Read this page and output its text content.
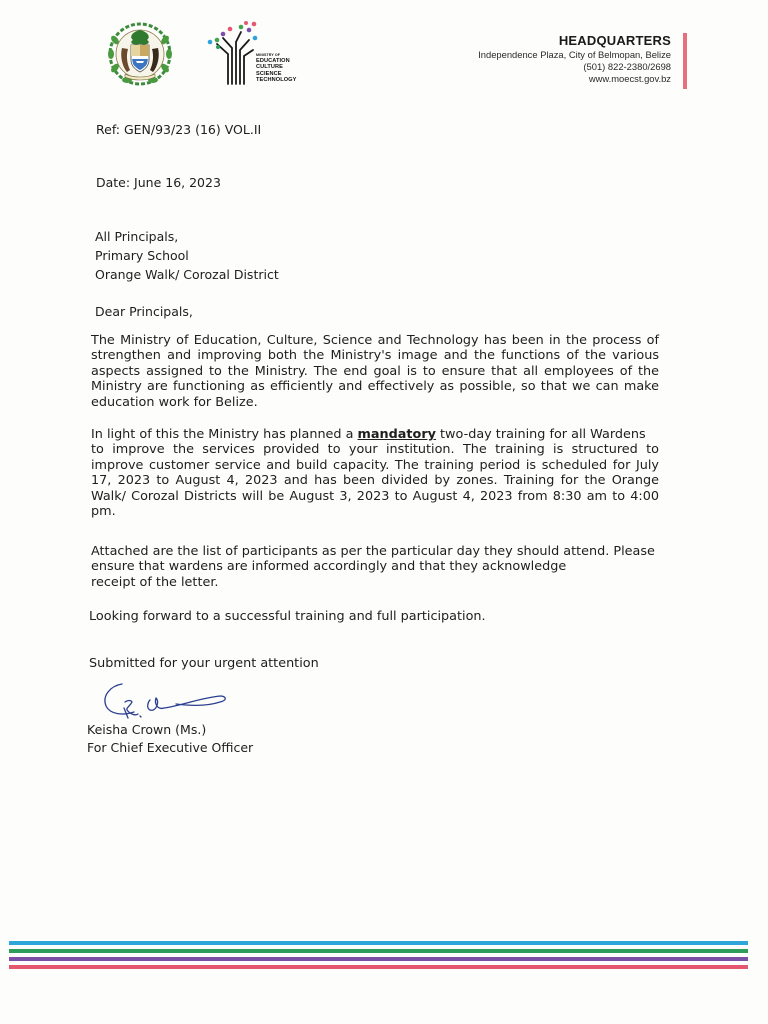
MINISTRY OF
EDUCATION
CULTURE
SCIENCE
TECHNOLOGY
HEADQUARTERS
Independence Plaza, City of Belmopan, Belize
(501) 822-2380/2698
www.moecst.gov.bz
Ref: GEN/93/23 (16) VOL.II
Date: June 16, 2023
All Principals,
Primary School
Orange Walk/ Corozal District
Dear Principals,
The Ministry of Education, Culture, Science and Technology has been in the process of
strengthen and improving both the Ministry's image and the functions of the various
aspects assigned to the Ministry. The end goal is to ensure that all employees of the
Ministry are functioning as efficiently and effectively as possible, so that we can make
education work for Belize.
In light of this the Ministry has planned a mandatory two-day training for all Wardens
to improve the services provided to your institution. The training is structured to
improve customer service and build capacity. The training period is scheduled for July
17, 2023 to August 4, 2023 and has been divided by zones. Training for the Orange
Walk/ Corozal Districts will be August 3, 2023 to August 4, 2023 from 8:30 am to 4:00
pm.
Attached are the list of participants as per the particular day they should attend. Please
ensure that wardens are informed accordingly and that they acknowledge
receipt of the letter.
Looking forward to a successful training and full participation.
Submitted for your urgent attention
Keisha Crown (Ms.)
For Chief Executive Officer
